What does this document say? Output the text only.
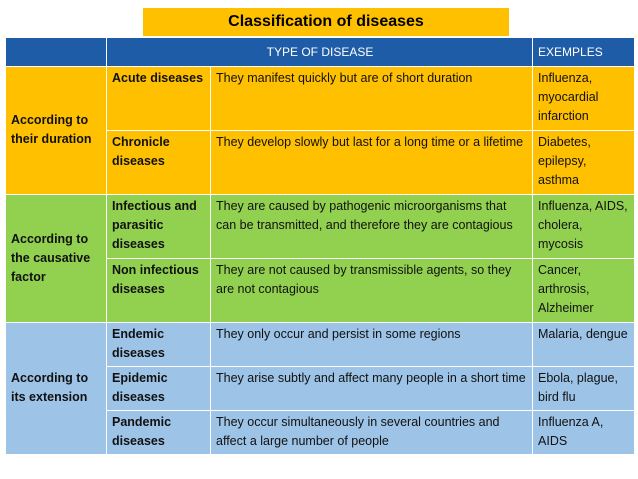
Classification of diseases
	TYPE OF DISEASE		EXEMPLES
According to their duration	Acute diseases	They manifest quickly but are of short duration	Influenza, myocardial infarction
	Chronicle diseases	They develop slowly but last for a long time or a lifetime	Diabetes, epilepsy, asthma
According to the causative factor	Infectious and parasitic diseases	They are caused by pathogenic microorganisms that can be transmitted, and therefore they are contagious	Influenza, AIDS, cholera, mycosis
	Non infectious diseases	They are not caused by transmissible agents, so they are not contagious	Cancer, arthrosis, Alzheimer
According to its extension	Endemic diseases	They only occur and persist in some regions	Malaria, dengue
	Epidemic diseases	They arise subtly and affect many people in a short time	Ebola, plague, bird flu
	Pandemic diseases	They occur simultaneously in several countries and affect a large number of people	Influenza A, AIDS
